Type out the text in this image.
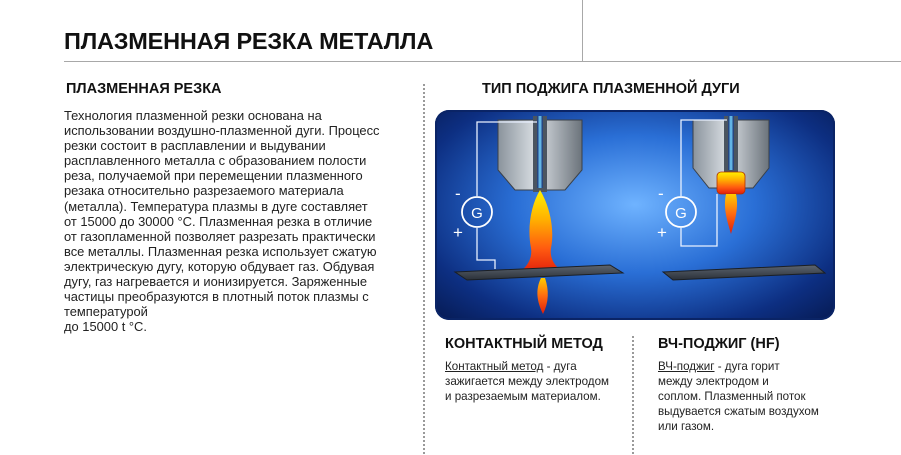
ПЛАЗМЕННАЯ РЕЗКА МЕТАЛЛА
ПЛАЗМЕННАЯ РЕЗКА
Технология плазменной резки основана на
использовании воздушно-плазменной дуги. Процесс
резки состоит в расплавлении и выдувании
расплавленного металла с образованием полости
реза, получаемой при перемещении плазменного
резака относительно разрезаемого материала
(металла). Температура плазмы в дуге составляет
от 15000 до 30000 °C. Плазменная резка в отличие
от газопламенной позволяет разрезать практически
все металлы. Плазменная резка использует сжатую
электрическую дугу, которую обдувает газ. Обдувая
дугу, газ нагревается и ионизируется. Заряженные
частицы преобразуются в плотный поток плазмы с
температурой
до 15000 t °C.
ТИП ПОДЖИГА ПЛАЗМЕННОЙ ДУГИ
G
-
+
G
-
+
КОНТАКТНЫЙ МЕТОД
Контактный метод - дуга
зажигается между электродом
и разрезаемым материалом.
ВЧ-ПОДЖИГ (HF)
ВЧ-поджиг - дуга горит
между электродом и
соплом. Плазменный поток
выдувается сжатым воздухом
или газом.
